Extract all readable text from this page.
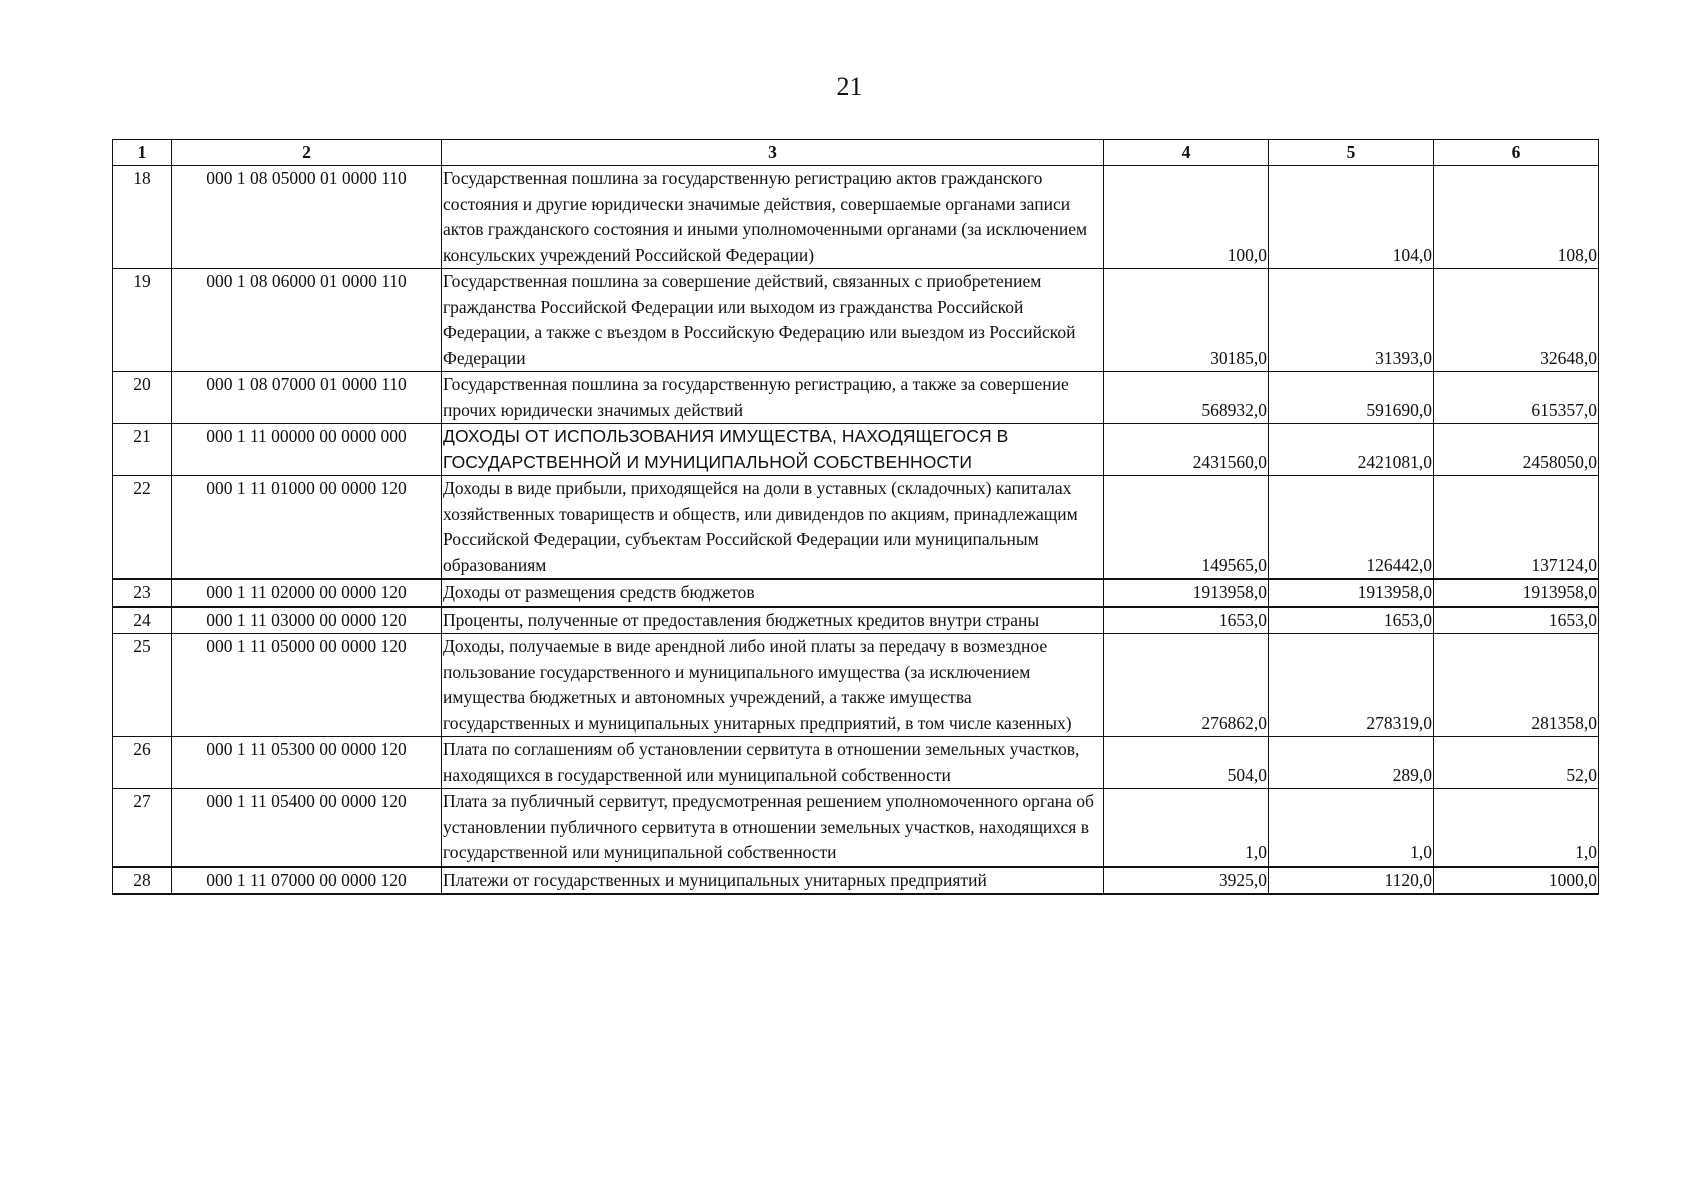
21
1	2	3	4	5	6
18	000 1 08 05000 01 0000 110	Государственная пошлина за государственную регистрацию актов гражданского состояния и другие юридически значимые действия, совершаемые органами записи актов гражданского состояния и иными уполномоченными органами (за исключением консульских учреждений Российской Федерации)	100,0	104,0	108,0
19	000 1 08 06000 01 0000 110	Государственная пошлина за совершение действий, связанных с приобретением гражданства Российской Федерации или выходом из гражданства Российской Федерации, а также с въездом в Российскую Федерацию или выездом из Российской Федерации	30185,0	31393,0	32648,0
20	000 1 08 07000 01 0000 110	Государственная пошлина за государственную регистрацию, а также за совершение прочих юридически значимых действий	568932,0	591690,0	615357,0
21	000 1 11 00000 00 0000 000	ДОХОДЫ ОТ ИСПОЛЬЗОВАНИЯ ИМУЩЕСТВА, НАХОДЯЩЕГОСЯ В ГОСУДАРСТВЕННОЙ И МУНИЦИПАЛЬНОЙ СОБСТВЕННОСТИ	2431560,0	2421081,0	2458050,0
22	000 1 11 01000 00 0000 120	Доходы в виде прибыли, приходящейся на доли в уставных (складочных) капиталах хозяйственных товариществ и обществ, или дивидендов по акциям, принадлежащим Российской Федерации, субъектам Российской Федерации или муниципальным образованиям	149565,0	126442,0	137124,0
23	000 1 11 02000 00 0000 120	Доходы от размещения средств бюджетов	1913958,0	1913958,0	1913958,0
24	000 1 11 03000 00 0000 120	Проценты, полученные от предоставления бюджетных кредитов внутри страны	1653,0	1653,0	1653,0
25	000 1 11 05000 00 0000 120	Доходы, получаемые в виде арендной либо иной платы за передачу в возмездное пользование государственного и муниципального имущества (за исключением имущества бюджетных и автономных учреждений, а также имущества государственных и муниципальных унитарных предприятий, в том числе казенных)	276862,0	278319,0	281358,0
26	000 1 11 05300 00 0000 120	Плата по соглашениям об установлении сервитута в отношении земельных участков, находящихся в государственной или муниципальной собственности	504,0	289,0	52,0
27	000 1 11 05400 00 0000 120	Плата за публичный сервитут, предусмотренная решением уполномоченного органа об установлении публичного сервитута в отношении земельных участков, находящихся в государственной или муниципальной собственности	1,0	1,0	1,0
28	000 1 11 07000 00 0000 120	Платежи от государственных и муниципальных унитарных предприятий	3925,0	1120,0	1000,0
